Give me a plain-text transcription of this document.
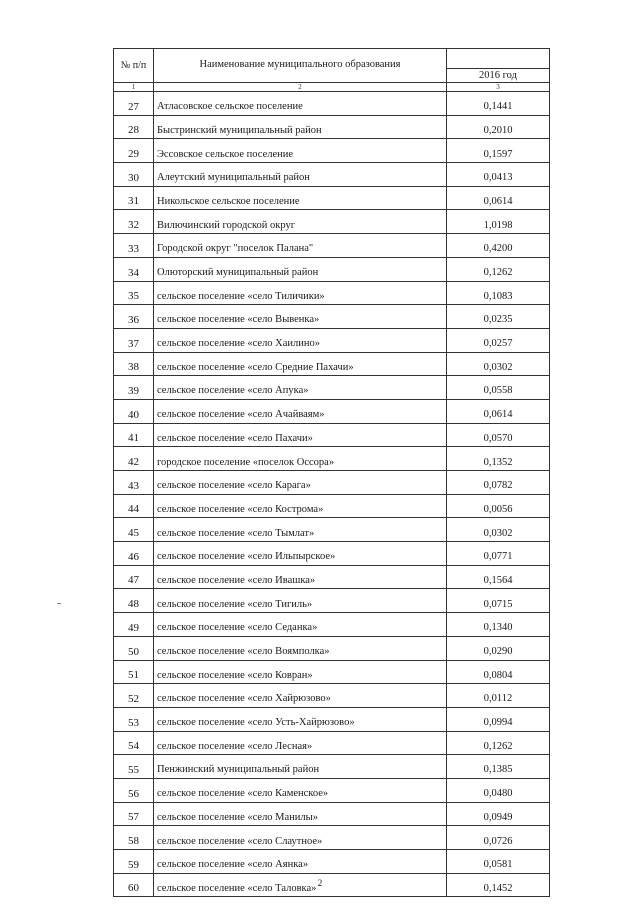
№ п/п	Наименование муниципального образования	2016 год

1	2	3
27	Атласовское сельское поселение	0,1441
28	Быстринский муниципальный район	0,2010
29	Эссовское сельское поселение	0,1597
30	Алеутский муниципальный район	0,0413
31	Никольское сельское поселение	0,0614
32	Вилючинский городской округ	1,0198
33	Городской округ "поселок Палана"	0,4200
34	Олюторский муниципальный район	0,1262
35	сельское поселение «село Тиличики»	0,1083
36	сельское поселение «село Вывенка»	0,0235
37	сельское поселение «село Хаилино»	0,0257
38	сельское поселение «село Средние Пахачи»	0,0302
39	сельское поселение «село Апука»	0,0558
40	сельское поселение «село Ачайваям»	0,0614
41	сельское поселение «село Пахачи»	0,0570
42	городское поселение «поселок Оссора»	0,1352
43	сельское поселение «село Карага»	0,0782
44	сельское поселение «село Кострома»	0,0056
45	сельское поселение «село Тымлат»	0,0302
46	сельское поселение «село Ильпырское»	0,0771
47	сельское поселение «село Ивашка»	0,1564
48	сельское поселение «село Тигиль»	0,0715
49	сельское поселение «село Седанка»	0,1340
50	сельское поселение «село Воямполка»	0,0290
51	сельское поселение «село Ковран»	0,0804
52	сельское поселение «село Хайрюзово»	0,0112
53	сельское поселение «село Усть-Хайрюзово»	0,0994
54	сельское поселение «село Лесная»	0,1262
55	Пенжинский муниципальный район	0,1385
56	сельское поселение «село Каменское»	0,0480
57	сельское поселение «село Манилы»	0,0949
58	сельское поселение «село Слаутное»	0,0726
59	сельское поселение «село Аянка»	0,0581
60	сельское поселение «село Таловка»	0,1452
2
